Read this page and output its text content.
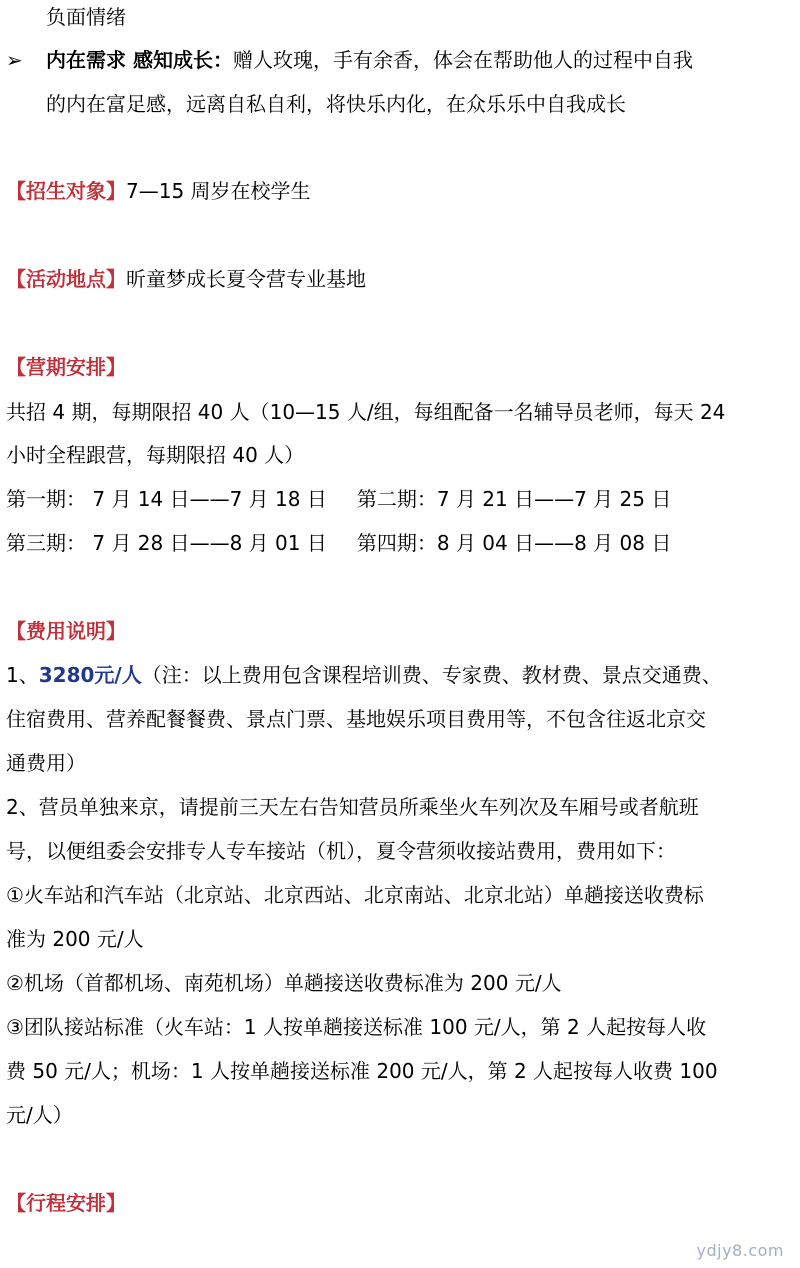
负面情绪
➢ 内在需求 感知成长：赠人玫瑰，手有余香，体会在帮助他人的过程中自我
的内在富足感，远离自私自利，将快乐内化，在众乐乐中自我成长
【招生对象】7—15 周岁在校学生
【活动地点】昕童梦成长夏令营专业基地
【营期安排】
共招 4 期，每期限招 40 人（10—15 人/组，每组配备一名辅导员老师，每天 24
小时全程跟营，每期限招 40 人）
第一期： 7 月 14 日——7 月 18 日 第二期：7 月 21 日——7 月 25 日
第三期： 7 月 28 日——8 月 01 日 第四期：8 月 04 日——8 月 08 日
【费用说明】
1、3280元/人（注：以上费用包含课程培训费、专家费、教材费、景点交通费、
住宿费用、营养配餐餐费、景点门票、基地娱乐项目费用等，不包含往返北京交
通费用）
2、营员单独来京，请提前三天左右告知营员所乘坐火车列次及车厢号或者航班
号，以便组委会安排专人专车接站（机），夏令营须收接站费用，费用如下：
①火车站和汽车站（北京站、北京西站、北京南站、北京北站）单趟接送收费标
准为 200 元/人
②机场（首都机场、南苑机场）单趟接送收费标准为 200 元/人
③团队接站标准（火车站：1 人按单趟接送标准 100 元/人，第 2 人起按每人收
费 50 元/人；机场：1 人按单趟接送标准 200 元/人，第 2 人起按每人收费 100
元/人）
【行程安排】
ydjy8.com
